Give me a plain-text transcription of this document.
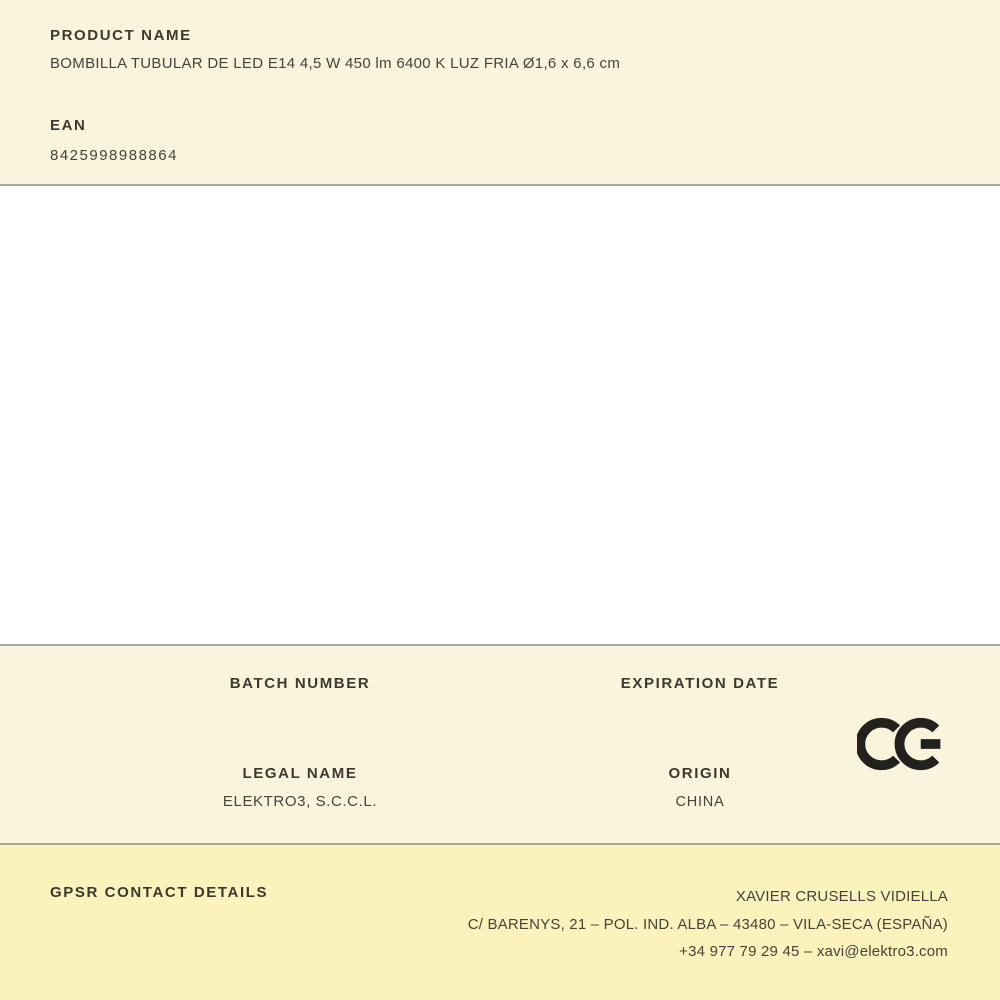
PRODUCT NAME
BOMBILLA TUBULAR DE LED E14 4,5 W 450 lm 6400 K LUZ FRIA Ø1,6 x 6,6 cm
EAN
8425998988864
BATCH NUMBER	EXPIRATION DATE
LEGAL NAME
ELEKTRO3, S.C.C.L.
ORIGIN
CHINA
GPSR CONTACT DETAILS	XAVIER CRUSELLS VIDIELLA
C/ BARENYS, 21 – POL. IND. ALBA – 43480 – VILA-SECA (ESPAÑA)
+34 977 79 29 45 – xavi@elektro3.com
